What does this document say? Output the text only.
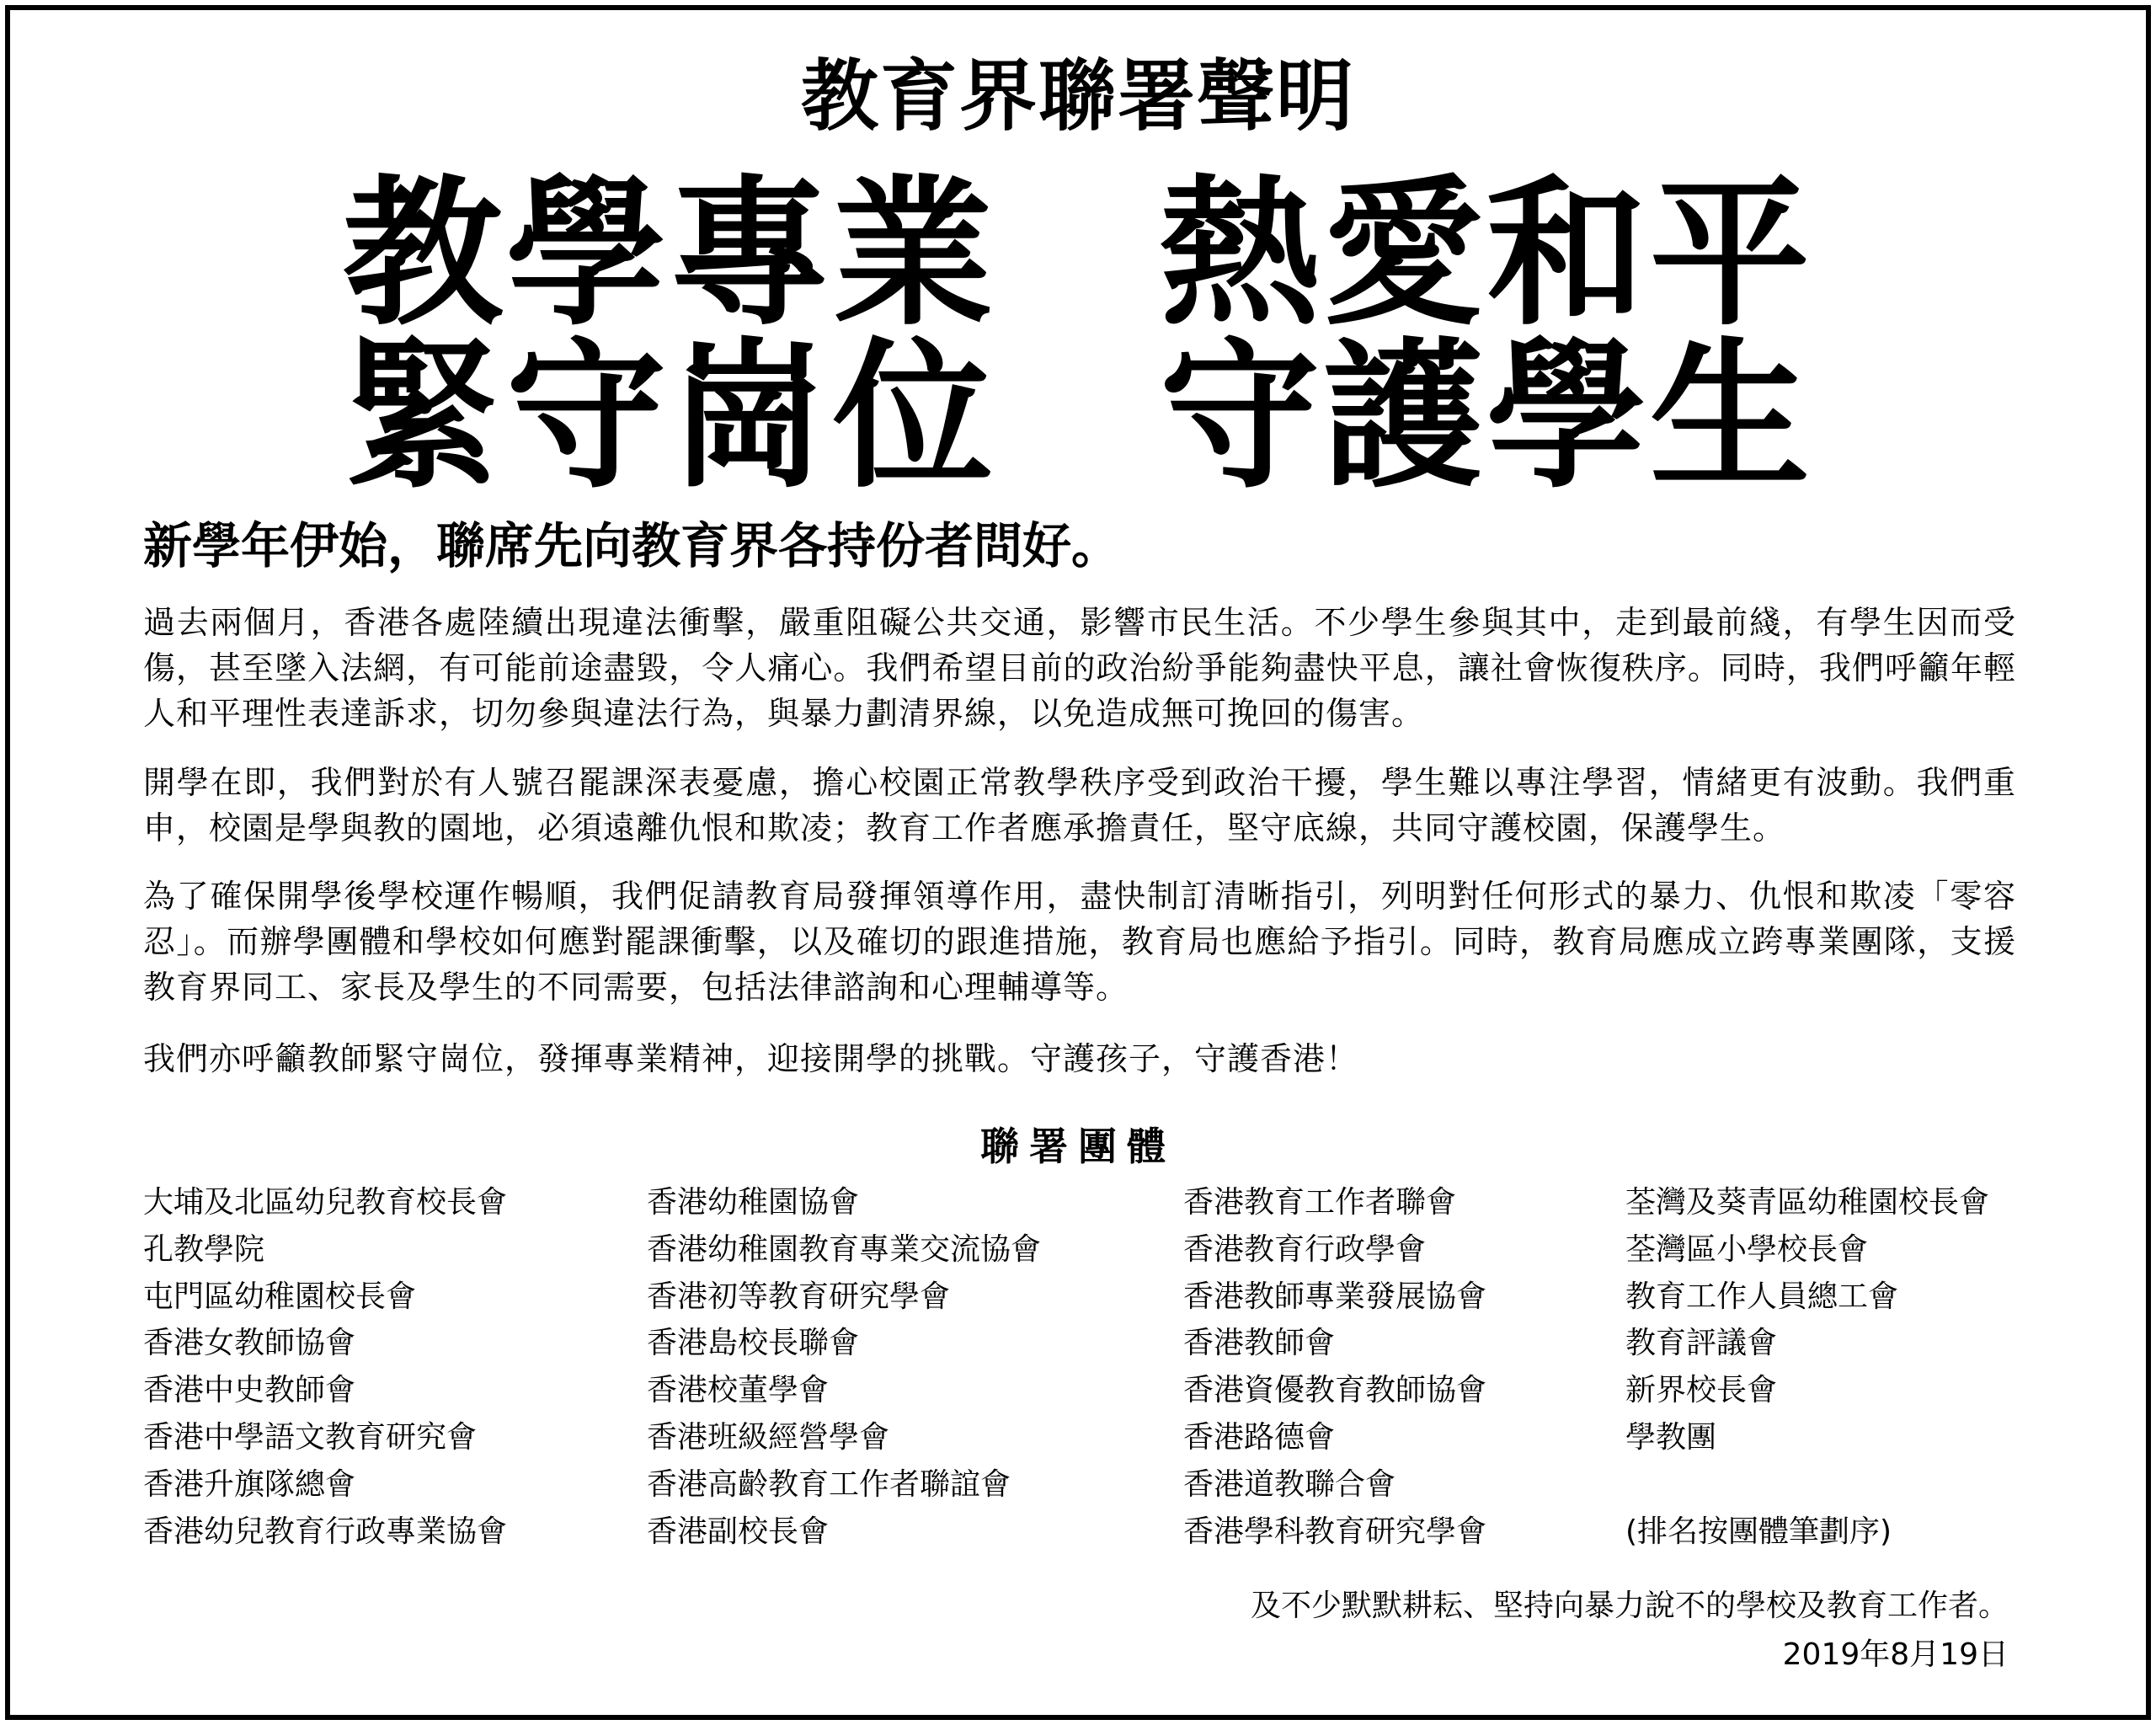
教育界聯署聲明
教學專業　熱愛和平
緊守崗位　守護學生
新學年伊始，聯席先向教育界各持份者問好。
過去兩個月，香港各處陸續出現違法衝擊，嚴重阻礙公共交通，影響市民生活。不少學生參與其中，走到最前綫，有學生因而受傷，甚至墜入法網，有可能前途盡毀，令人痛心。我們希望目前的政治紛爭能夠盡快平息，讓社會恢復秩序。同時，我們呼籲年輕人和平理性表達訴求，切勿參與違法行為，與暴力劃清界線，以免造成無可挽回的傷害。
開學在即，我們對於有人號召罷課深表憂慮，擔心校園正常教學秩序受到政治干擾，學生難以專注學習，情緒更有波動。我們重申，校園是學與教的園地，必須遠離仇恨和欺凌；教育工作者應承擔責任，堅守底線，共同守護校園，保護學生。
為了確保開學後學校運作暢順，我們促請教育局發揮領導作用，盡快制訂清晰指引，列明對任何形式的暴力、仇恨和欺凌「零容忍」。而辦學團體和學校如何應對罷課衝擊，以及確切的跟進措施，教育局也應給予指引。同時，教育局應成立跨專業團隊，支援教育界同工、家長及學生的不同需要，包括法律諮詢和心理輔導等。
我們亦呼籲教師緊守崗位，發揮專業精神，迎接開學的挑戰。守護孩子，守護香港！
聯署團體
大埔及北區幼兒教育校長會
孔教學院
屯門區幼稚園校長會
香港女教師協會
香港中史教師會
香港中學語文教育研究會
香港升旗隊總會
香港幼兒教育行政專業協會
香港幼稚園協會
香港幼稚園教育專業交流協會
香港初等教育研究學會
香港島校長聯會
香港校董學會
香港班級經營學會
香港高齡教育工作者聯誼會
香港副校長會
香港教育工作者聯會
香港教育行政學會
香港教師專業發展協會
香港教師會
香港資優教育教師協會
香港路德會
香港道教聯合會
香港學科教育研究學會
荃灣及葵青區幼稚園校長會
荃灣區小學校長會
教育工作人員總工會
教育評議會
新界校長會
學教團
(排名按團體筆劃序)
及不少默默耕耘、堅持向暴力說不的學校及教育工作者。
2019年8月19日
